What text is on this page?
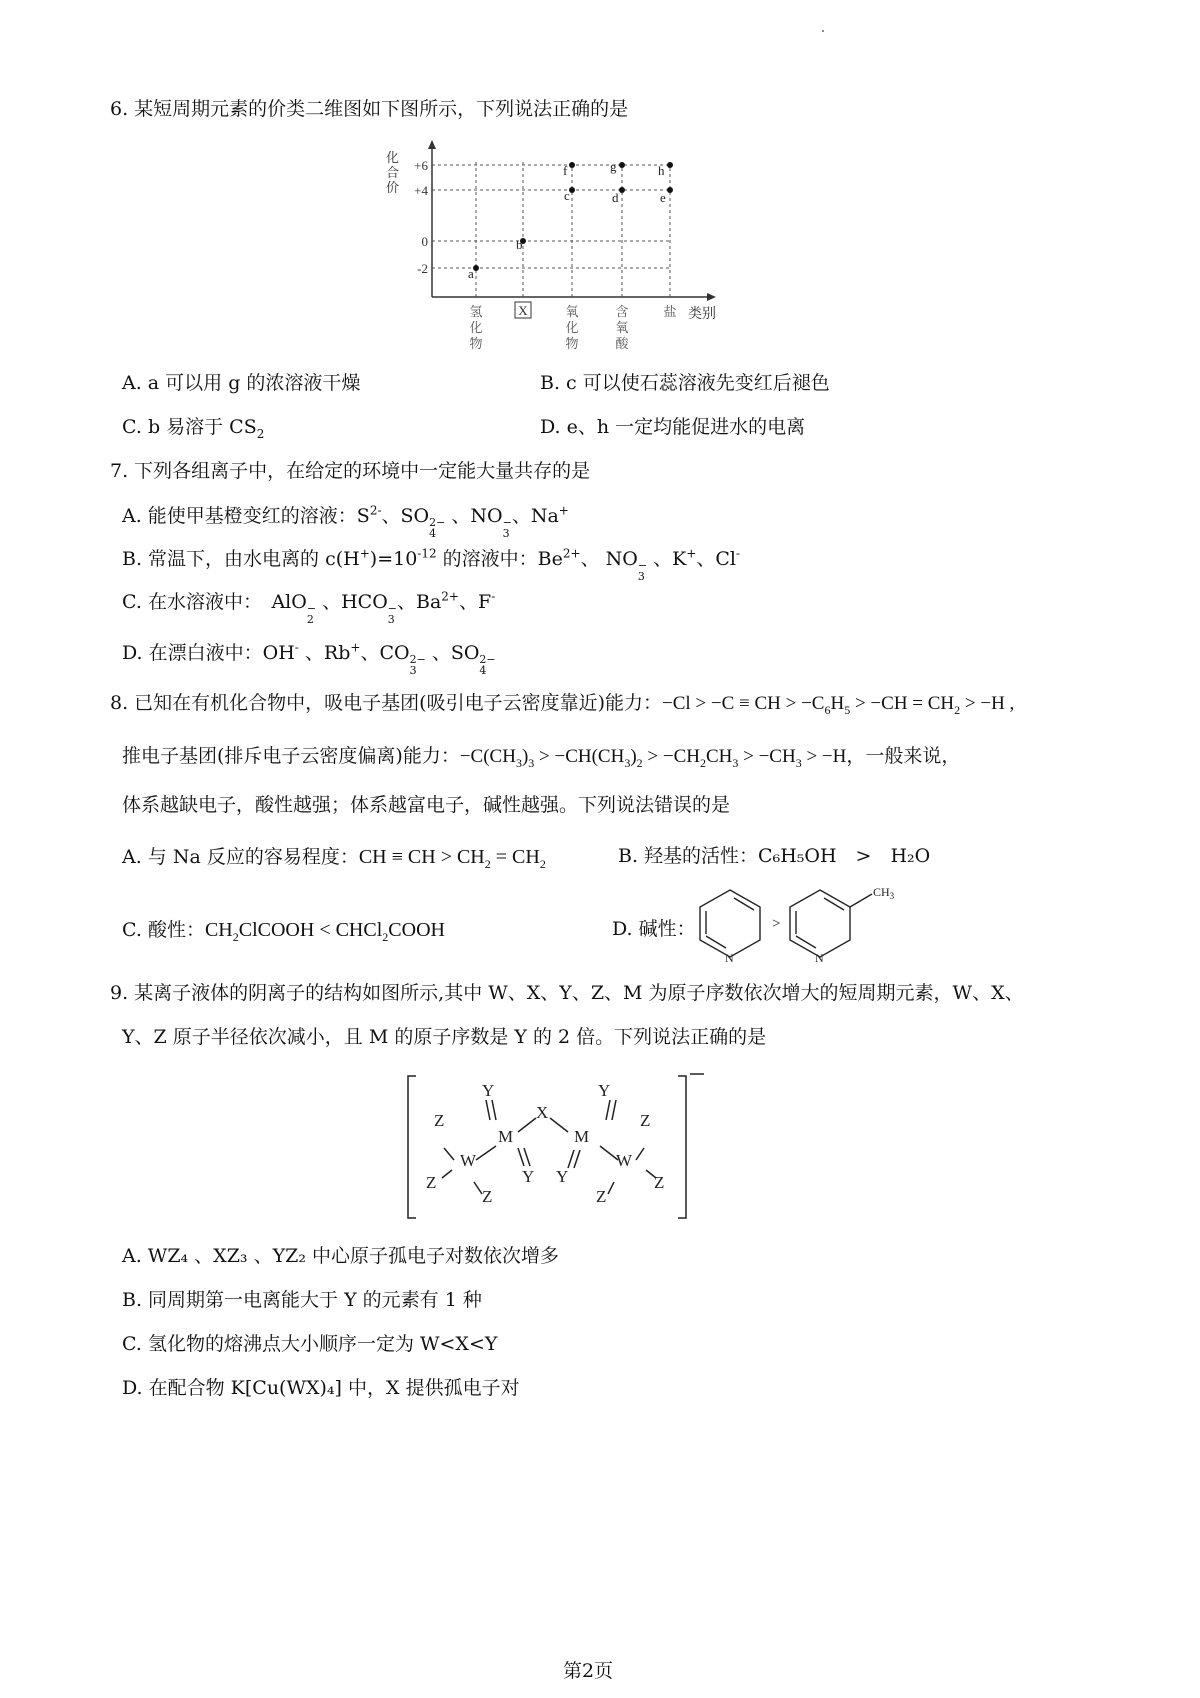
6. 某短周期元素的价类二维图如下图所示，下列说法正确的是
化
合
价
+6
+4
0
-2
氢
化
物
X	氧
化
物
含
氧
酸
盐
a
b
c
f
d
g
e
h
类别
A. a 可以用 g 的浓溶液干燥	B. c 可以使石蕊溶液先变红后褪色
C. b 易溶于 $CS_2$	D. e、h 一定均能促进水的电离
7. 下列各组离子中，在给定的环境中一定能大量共存的是
A. 能使甲基橙变红的溶液：$S^{2-}$、SO 2−
4
、NO −
3
、Na+
B. 常温下，由水电离的 $c(H^+)=10^{-12}$ 的溶液中：$Be^{2+}$、 NO −
3
、K+、Cl-
C. 在水溶液中：　AlO −
2
、HCO −
3
、$Ba^{2+}$、F-
D. 在漂白液中：OH- 、Rb+、CO 2−
3
、SO 2−
4
8. 已知在有机化合物中，吸电子基团(吸引电子云密度靠近)能力：−Cl > −C ≡ CH > $-C_6H_5 > -CH = CH_2 > -H$ ,
推电子基团(排斥电子云密度偏离)能力：$-C(CH_3)_3 > -CH(CH_3)_2 > -CH_2CH_3 > -CH_3 > -H$，一般来说，
体系越缺电子，酸性越强；体系越富电子，碱性越强。下列说法错误的是
A. 与 Na 反应的容易程度：CH ≡ CH > $CH_2 = CH_2$	B. 羟基的活性：C₆H₅OH　>　H₂O
C. 酸性：$CH_2ClCOOH$ < CHCl$_2$COOH	D. 碱性：
N
>
N
$CH_3$
9. 某离子液体的阴离子的结构如图所示,其中 W、X、Y、Z、M 为原子序数依次增大的短周期元素，W、X、
Y、Z 原子半径依次减小，且 M 的原子序数是 Y 的 2 倍。下列说法正确的是
Z
W
Z
Z
Y
M
Y
X
Y
M
Y
Z
W
Z
Z
A. WZ₄ 、XZ₃ 、YZ₂ 中心原子孤电子对数依次增多
B. 同周期第一电离能大于 Y 的元素有 1 种
C. 氢化物的熔沸点大小顺序一定为 W<X<Y
D. 在配合物 K[Cu(WX)₄] 中，X 提供孤电子对
第2页
